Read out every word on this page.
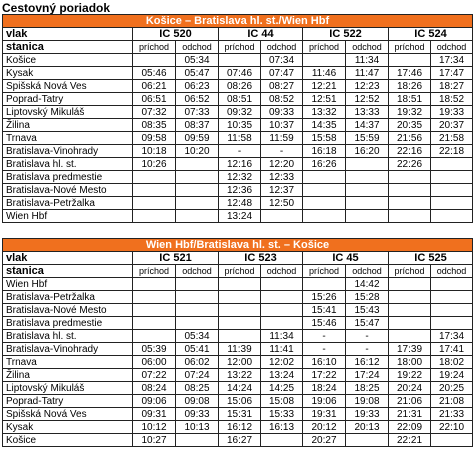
Cestovný poriadok
Košice – Bratislava hl. st./Wien Hbf								
vlak	IC 520		IC 44		IC 522		IC 524	
stanica	príchod	odchod	príchod	odchod	príchod	odchod	príchod	odchod
Košice		05:34		07:34		11:34		17:34
Kysak	05:46	05:47	07:46	07:47	11:46	11:47	17:46	17:47
Spišská Nová Ves	06:21	06:23	08:26	08:27	12:21	12:23	18:26	18:27
Poprad-Tatry	06:51	06:52	08:51	08:52	12:51	12:52	18:51	18:52
Liptovský Mikuláš	07:32	07:33	09:32	09:33	13:32	13:33	19:32	19:33
Žilina	08:35	08:37	10:35	10:37	14:35	14:37	20:35	20:37
Trnava	09:58	09:59	11:58	11:59	15:58	15:59	21:56	21:58
Bratislava-Vinohrady	10:18	10:20	-	-	16:18	16:20	22:16	22:18
Bratislava hl. st.	10:26		12:16	12:20	16:26		22:26	
Bratislava predmestie			12:32	12:33				
Bratislava-Nové Mesto			12:36	12:37				
Bratislava-Petržalka			12:48	12:50				
Wien Hbf			13:24					
Wien Hbf/Bratislava hl. st. – Košice								
vlak	IC 521		IC 523		IC 45		IC 525	
stanica	príchod	odchod	príchod	odchod	príchod	odchod	príchod	odchod
Wien Hbf						14:42		
Bratislava-Petržalka					15:26	15:28		
Bratislava-Nové Mesto					15:41	15:43		
Bratislava predmestie					15:46	15:47		
Bratislava hl. st.		05:34		11:34	-	-		17:34
Bratislava-Vinohrady	05:39	05:41	11:39	11:41	-	-	17:39	17:41
Trnava	06:00	06:02	12:00	12:02	16:10	16:12	18:00	18:02
Žilina	07:22	07:24	13:22	13:24	17:22	17:24	19:22	19:24
Liptovský Mikuláš	08:24	08:25	14:24	14:25	18:24	18:25	20:24	20:25
Poprad-Tatry	09:06	09:08	15:06	15:08	19:06	19:08	21:06	21:08
Spišská Nová Ves	09:31	09:33	15:31	15:33	19:31	19:33	21:31	21:33
Kysak	10:12	10:13	16:12	16:13	20:12	20:13	22:09	22:10
Košice	10:27		16:27		20:27		22:21	
